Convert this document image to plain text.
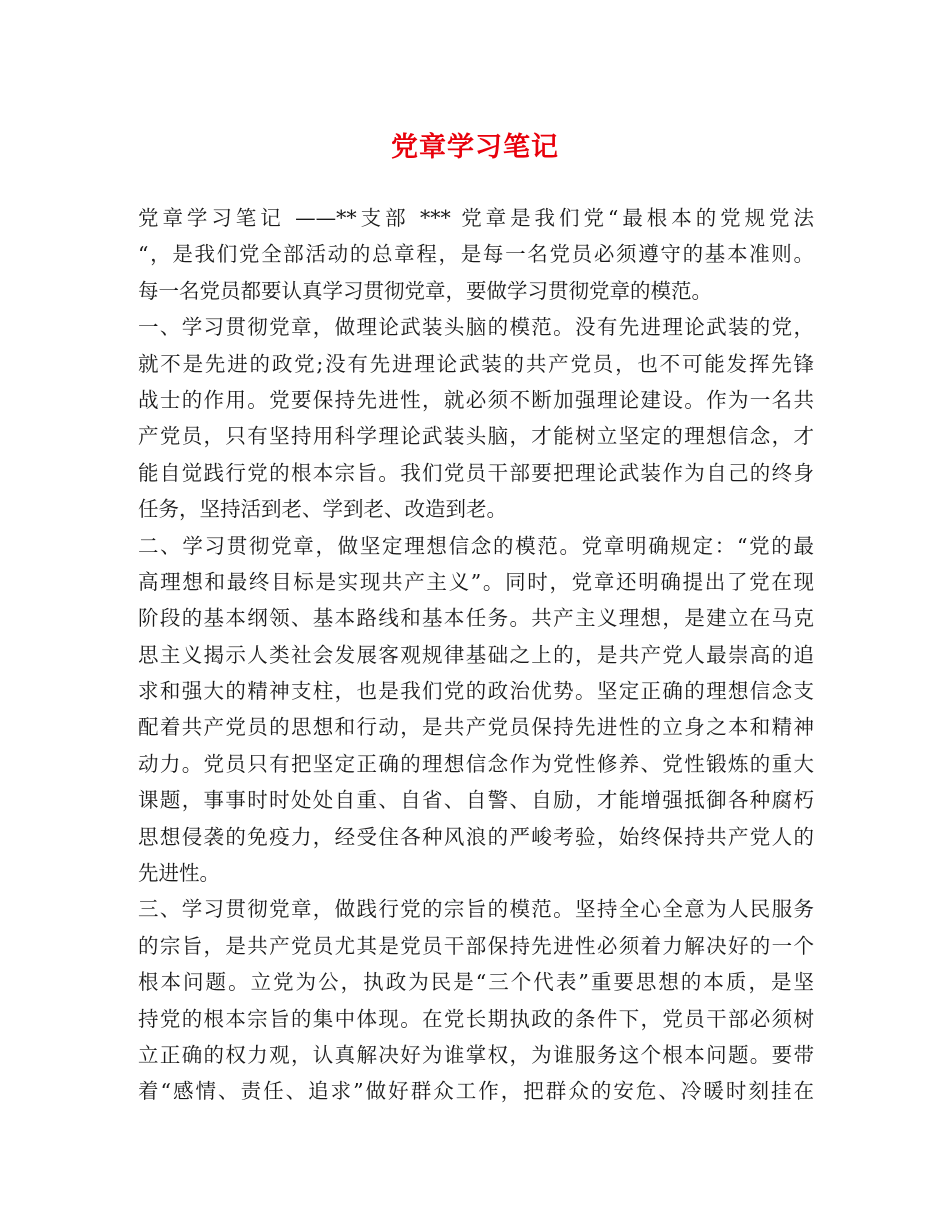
党章学习笔记
党章学习笔记 ——**支部 *** 党章是我们党“最根本的党规党法
“，是我们党全部活动的总章程，是每一名党员必须遵守的基本准则。
每一名党员都要认真学习贯彻党章，要做学习贯彻党章的模范。
一、学习贯彻党章，做理论武装头脑的模范。没有先进理论武装的党，
就不是先进的政党;没有先进理论武装的共产党员，也不可能发挥先锋
战士的作用。党要保持先进性，就必须不断加强理论建设。作为一名共
产党员，只有坚持用科学理论武装头脑，才能树立坚定的理想信念，才
能自觉践行党的根本宗旨。我们党员干部要把理论武装作为自己的终身
任务，坚持活到老、学到老、改造到老。
二、学习贯彻党章，做坚定理想信念的模范。党章明确规定：“党的最
高理想和最终目标是实现共产主义”。同时，党章还明确提出了党在现
阶段的基本纲领、基本路线和基本任务。共产主义理想，是建立在马克
思主义揭示人类社会发展客观规律基础之上的，是共产党人最崇高的追
求和强大的精神支柱，也是我们党的政治优势。坚定正确的理想信念支
配着共产党员的思想和行动，是共产党员保持先进性的立身之本和精神
动力。党员只有把坚定正确的理想信念作为党性修养、党性锻炼的重大
课题，事事时时处处自重、自省、自警、自励，才能增强抵御各种腐朽
思想侵袭的免疫力，经受住各种风浪的严峻考验，始终保持共产党人的
先进性。
三、学习贯彻党章，做践行党的宗旨的模范。坚持全心全意为人民服务
的宗旨，是共产党员尤其是党员干部保持先进性必须着力解决好的一个
根本问题。立党为公，执政为民是“三个代表”重要思想的本质，是坚
持党的根本宗旨的集中体现。在党长期执政的条件下，党员干部必须树
立正确的权力观，认真解决好为谁掌权，为谁服务这个根本问题。要带
着“感情、责任、追求”做好群众工作，把群众的安危、冷暖时刻挂在
